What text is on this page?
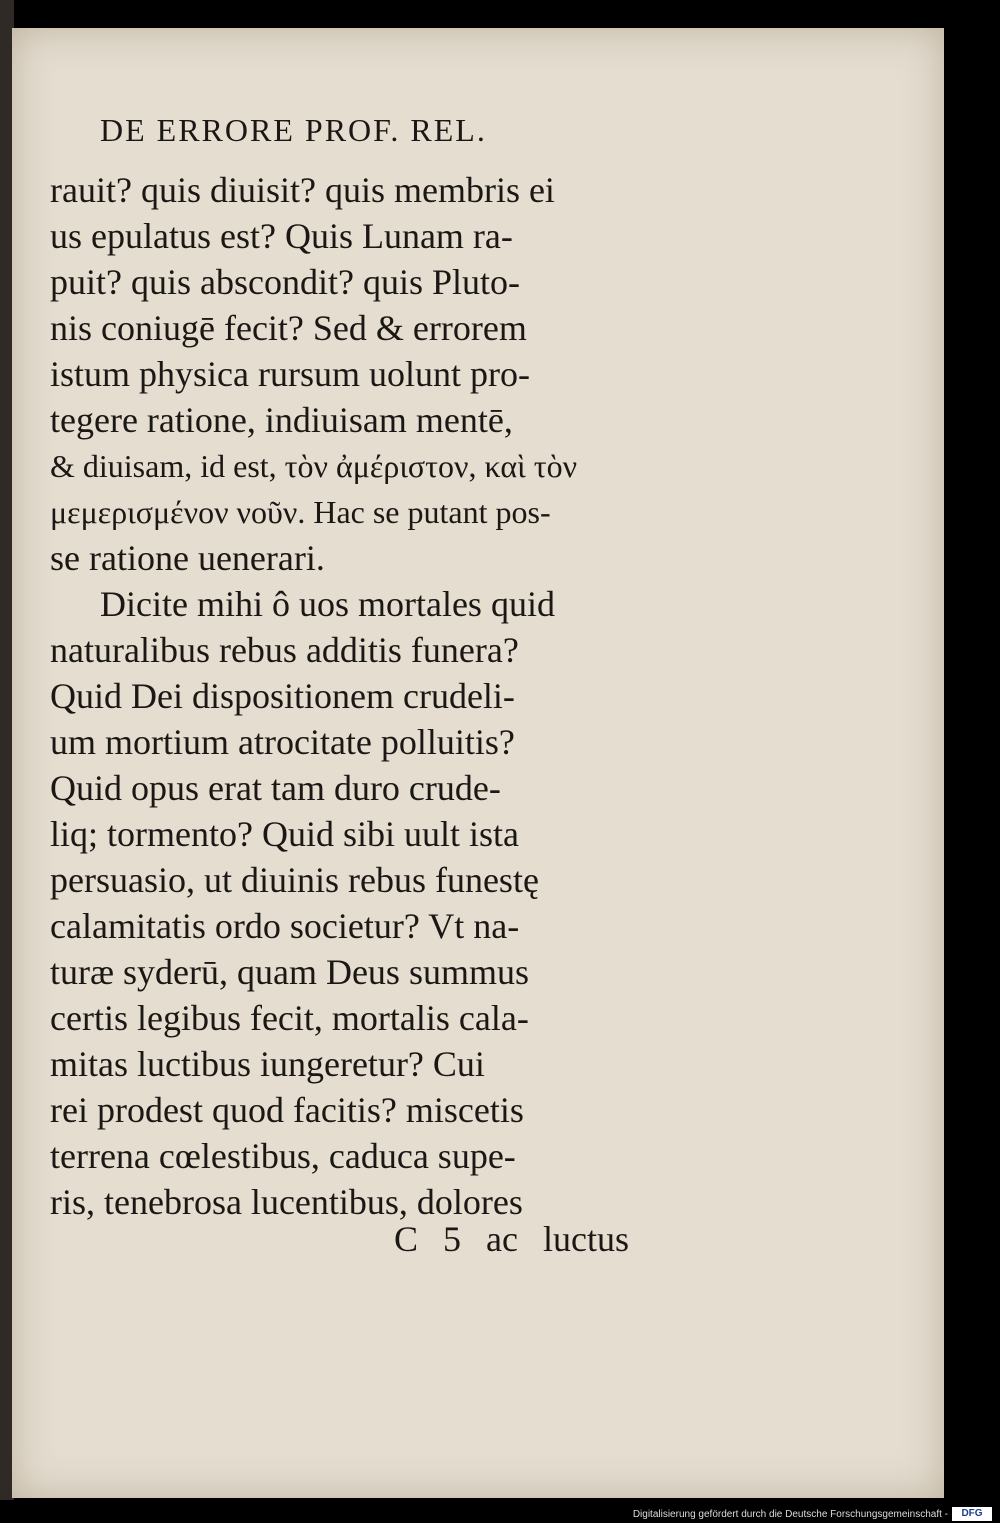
DE ERRORE PROF. REL.
rauit? quis diuisit? quis membris ei
us epulatus est? Quis Lunam ra-
puit? quis abscondit? quis Pluto-
nis coniugē fecit? Sed & errorem
istum physica rursum uolunt pro-
tegere ratione, indiuisam mentē,
& diuisam, id est, τὸν ἀμέριστον, καὶ τὸν
μεμερισμένον νοῦν. Hac se putant pos-
se ratione uenerari.
Dicite mihi ô uos mortales quid
naturalibus rebus additis funera?
Quid Dei dispositionem crudeli-
um mortium atrocitate polluitis?
Quid opus erat tam duro crude-
liq; tormento? Quid sibi uult ista
persuasio, ut diuinis rebus funestę
calamitatis ordo societur? Vt na-
turæ syderū, quam Deus summus
certis legibus fecit, mortalis cala-
mitas luctibus iungeretur? Cui
rei prodest quod facitis? miscetis
terrena cœlestibus, caduca supe-
ris, tenebrosa lucentibus, dolores
C 5 ac luctus
Digitalisierung gefördert durch die Deutsche Forschungsgemeinschaft -	DFG
